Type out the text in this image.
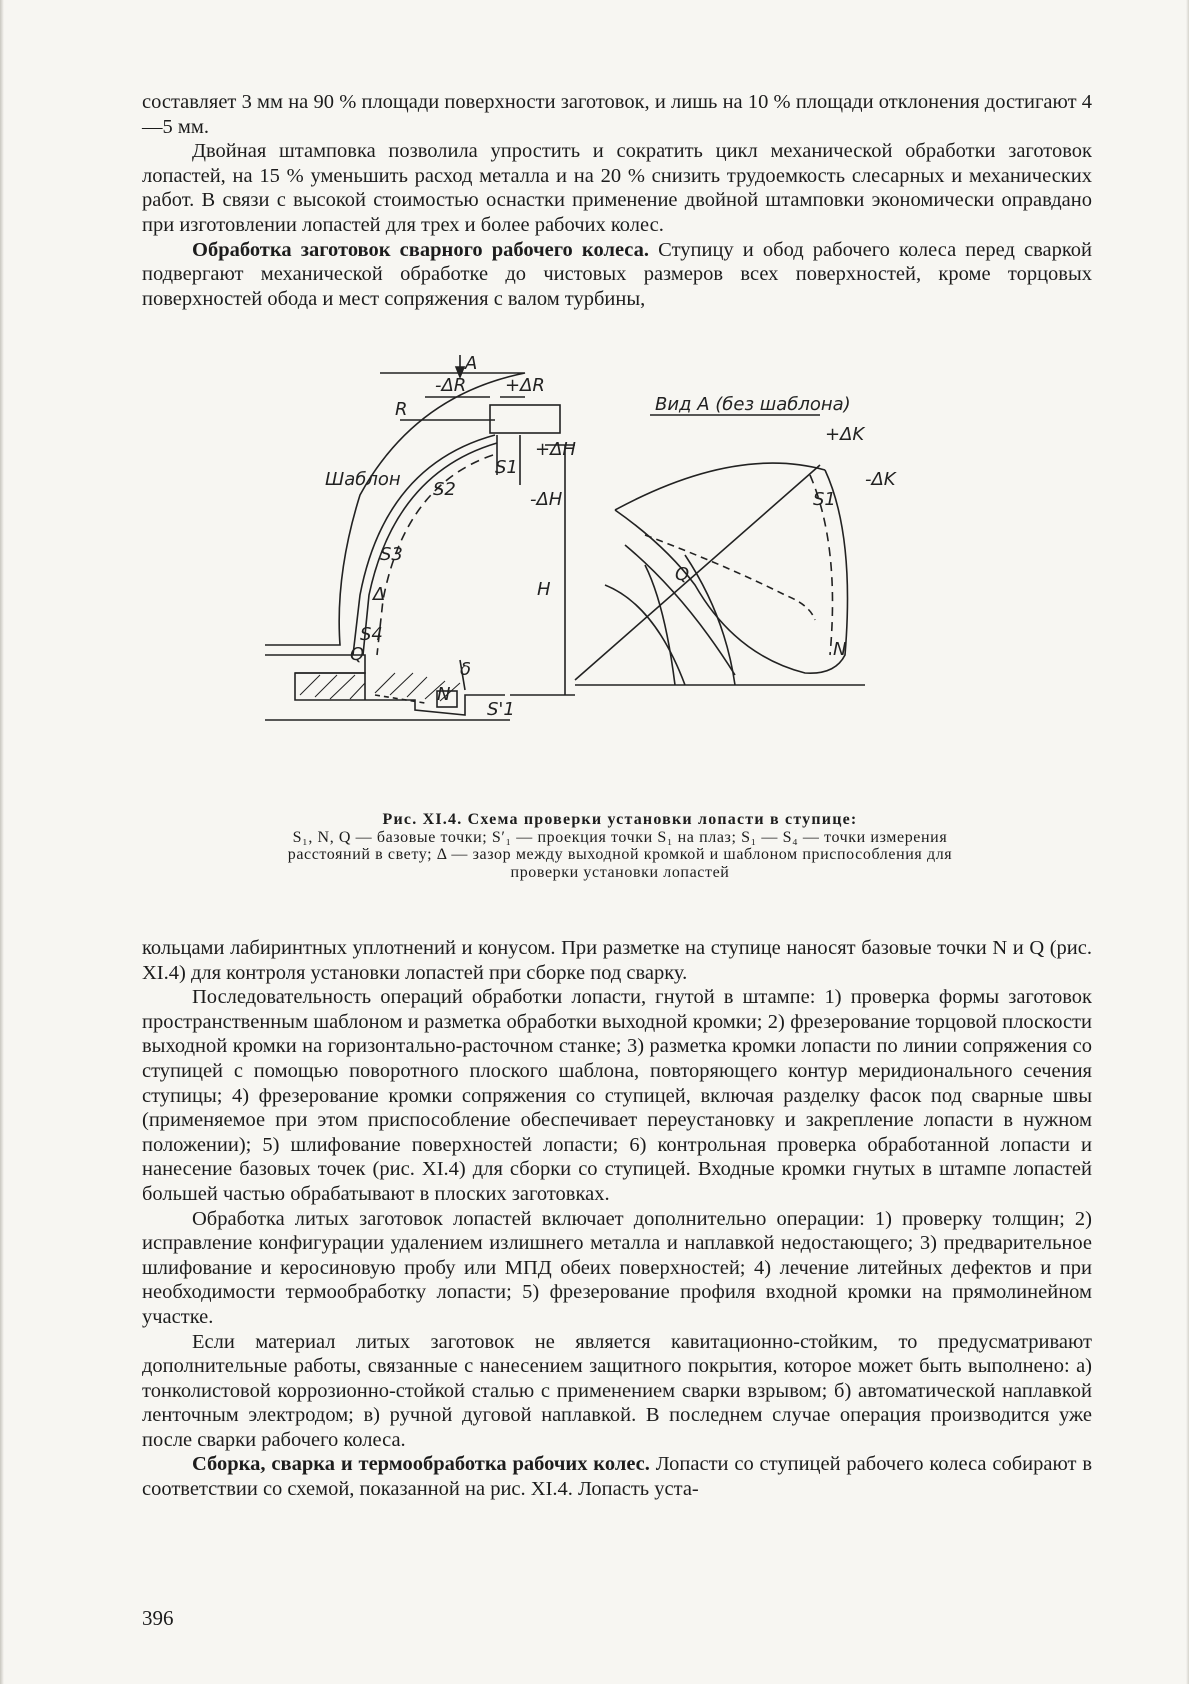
составляет 3 мм на 90 % площади поверхности заготовок, и лишь на 10 % площади отклонения достигают 4—5 мм.

Двойная штамповка позволила упростить и сократить цикл механической обработки заготовок лопастей, на 15 % уменьшить расход металла и на 20 % снизить трудоемкость слесарных и механических работ. В связи с высокой стоимостью оснастки применение двойной штамповки экономически оправдано при изготовлении лопастей для трех и более рабочих колес.

Обработка заготовок сварного рабочего колеса. Ступицу и обод рабочего колеса перед сваркой подвергают механической обработке до чистовых размеров всех поверхностей, кроме торцовых поверхностей обода и мест сопряжения с валом турбины,

A
-ΔR +ΔR
R
+ΔH
-ΔH
H
Шаблон
S1
S2
S3
Δ
S4
Q
N
S'1
δ
Вид А (без шаблона)
+ΔK
-ΔK
S1
Q
N
Рис. XI.4. Схема проверки установки лопасти в ступице:
S₁, N, Q — базовые точки; S′₁ — проекция точки S₁ на плаз; S₁ — S₄ — точки измерения расстояний в свету; Δ — зазор между выходной кромкой и шаблоном приспособления для проверки установки лопастей

кольцами лабиринтных уплотнений и конусом. При разметке на ступице наносят базовые точки N и Q (рис. XI.4) для контроля установки лопастей при сборке под сварку.

Последовательность операций обработки лопасти, гнутой в штампе: 1) проверка формы заготовок пространственным шаблоном и разметка обработки выходной кромки; 2) фрезерование торцовой плоскости выходной кромки на горизонтально-расточном станке; 3) разметка кромки лопасти по линии сопряжения со ступицей с помощью поворотного плоского шаблона, повторяющего контур меридионального сечения ступицы; 4) фрезерование кромки сопряжения со ступицей, включая разделку фасок под сварные швы (применяемое при этом приспособление обеспечивает переустановку и закрепление лопасти в нужном положении); 5) шлифование поверхностей лопасти; 6) контрольная проверка обработанной лопасти и нанесение базовых точек (рис. XI.4) для сборки со ступицей. Входные кромки гнутых в штампе лопастей большей частью обрабатывают в плоских заготовках.

Обработка литых заготовок лопастей включает дополнительно операции: 1) проверку толщин; 2) исправление конфигурации удалением излишнего металла и наплавкой недостающего; 3) предварительное шлифование и керосиновую пробу или МПД обеих поверхностей; 4) лечение литейных дефектов и при необходимости термообработку лопасти; 5) фрезерование профиля входной кромки на прямолинейном участке.

Если материал литых заготовок не является кавитационно-стойким, то предусматривают дополнительные работы, связанные с нанесением защитного покрытия, которое может быть выполнено: а) тонколистовой коррозионно-стойкой сталью с применением сварки взрывом; б) автоматической наплавкой ленточным электродом; в) ручной дуговой наплавкой. В последнем случае операция производится уже после сварки рабочего колеса.

Сборка, сварка и термообработка рабочих колес. Лопасти со ступицей рабочего колеса собирают в соответствии со схемой, показанной на рис. XI.4. Лопасть уста-

396
